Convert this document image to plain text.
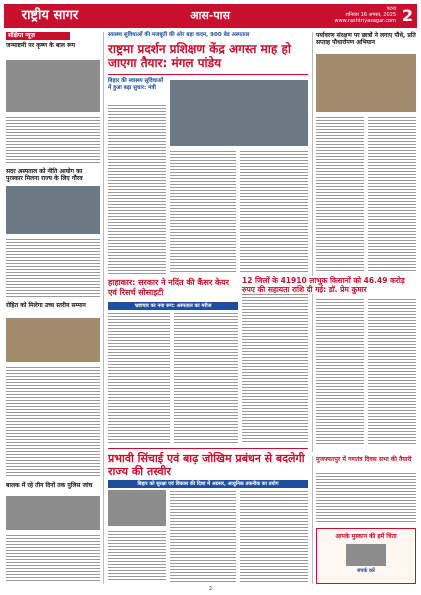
राष्ट्रीय सागर	आस-पास	पटना
शनिवार 16 अगस्त, 2025
www.rashtriyasagar.com 2
संक्षिप्त न्यूज़
जन्माष्टमी पर कृष्ण के बाल रूप
सदर अस्पताल को नीति आयोग का पुरस्कार मिलना राज्य के लिए गौरव
रोहित को मिलेगा उच्च स्तरीय सम्मान
बालक में रहे तीन दिनों तक पुलिस जांच
स्वास्थ्य सुविधाओं की मजबूती की ओर बड़ा कदम, 900 बेड अस्पताल
राष्ट्रमा प्रदर्शन प्रशिक्षण केंद्र अगस्त माह हो जाएगा तैयार: मंगल पांडेय
बिहार की स्वास्थ्य सुविधाओं में हुआ बढ़ा सुधार: मंत्री
हाहाकार: सरकार ने नदिंत की कैंसर केयर एवं रिसर्च सोसाइटी
भ्रष्टाचार का नया रूप: अस्पताल का मरीज
पर्यावरण संरक्षण पर छात्रों ने लगाए पौधे, प्रति सप्ताह पौधारोपण अभियान
12 जिलों के 41910 लाभुक किसानों को 46.49 करोड़ रुपए की सहायता राशि दी गई: डॉ. प्रेम कुमार
प्रभावी सिंचाई एवं बाढ़ जोखिम प्रबंधन से बदलेगी राज्य की तस्वीर
बिहार को सुरक्षा एवं विकास की दिशा में अग्रसर, आधुनिक तकनीक का प्रयोग
मुजफ्फरपुर में गणतंत्र दिवस सभा की तैयारी
आपके मुस्कान की हमें चिंता
संपर्क करें
2
